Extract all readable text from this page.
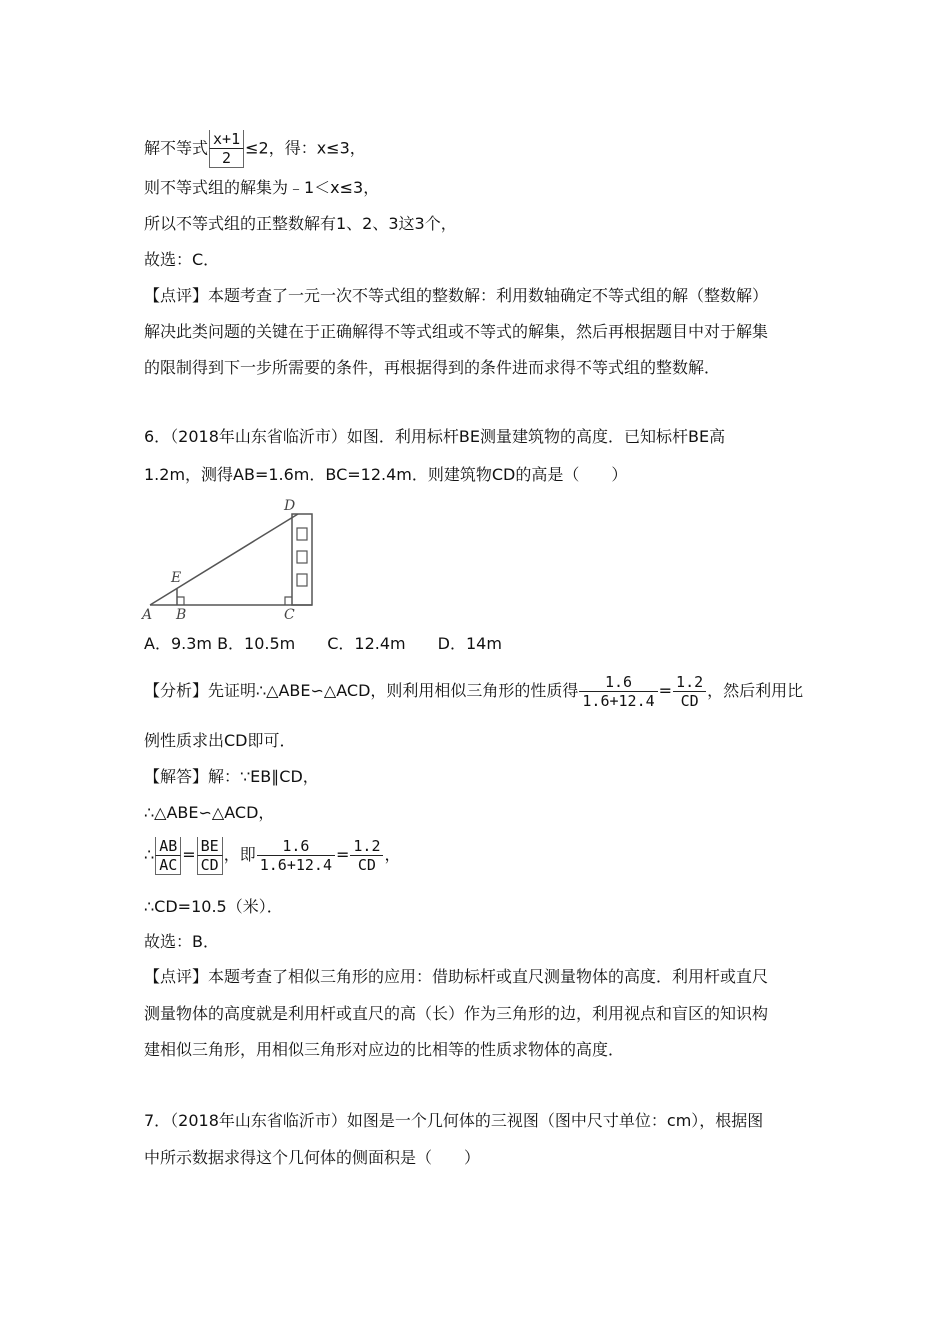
解不等式 $\frac{x+1}{2} \le 2$，得：x≤3，
则不等式组的解集为﹣1＜x≤3，
所以不等式组的正整数解有1、2、3这3个，
故选：C．
【点评】本题考查了一元一次不等式组的整数解：利用数轴确定不等式组的解（整数解）
解决此类问题的关键在于正确解得不等式组或不等式的解集，然后再根据题目中对于解集
的限制得到下一步所需要的条件，再根据得到的条件进而求得不等式组的整数解．
6．（2018年山东省临沂市）如图．利用标杆BE测量建筑物的高度．已知标杆BE高
1.2m，测得AB=1.6m．BC=12.4m．则建筑物CD的高是（　　）
A B	C
D
E
A．9.3m B．10.5m　　C．12.4m　　D．14m
【分析】先证明∴△ABE∽△ACD，则利用相似三角形的性质得 $\frac{1.6}{1.6+12.4} = \frac{1.2}{CD}$ ，然后利用比
例性质求出CD即可．
【解答】解：∵EB∥CD，
∴△ABE∽△ACD，
∴ $\frac{AB}{AC} = \frac{BE}{CD}$ ，即 $\frac{1.6}{1.6+12.4} = \frac{1.2}{CD}$ ，
∴CD=10.5（米）．
故选：B．
【点评】本题考查了相似三角形的应用：借助标杆或直尺测量物体的高度．利用杆或直尺
测量物体的高度就是利用杆或直尺的高（长）作为三角形的边，利用视点和盲区的知识构
建相似三角形，用相似三角形对应边的比相等的性质求物体的高度．
7．（2018年山东省临沂市）如图是一个几何体的三视图（图中尺寸单位：cm），根据图
中所示数据求得这个几何体的侧面积是（　　）
